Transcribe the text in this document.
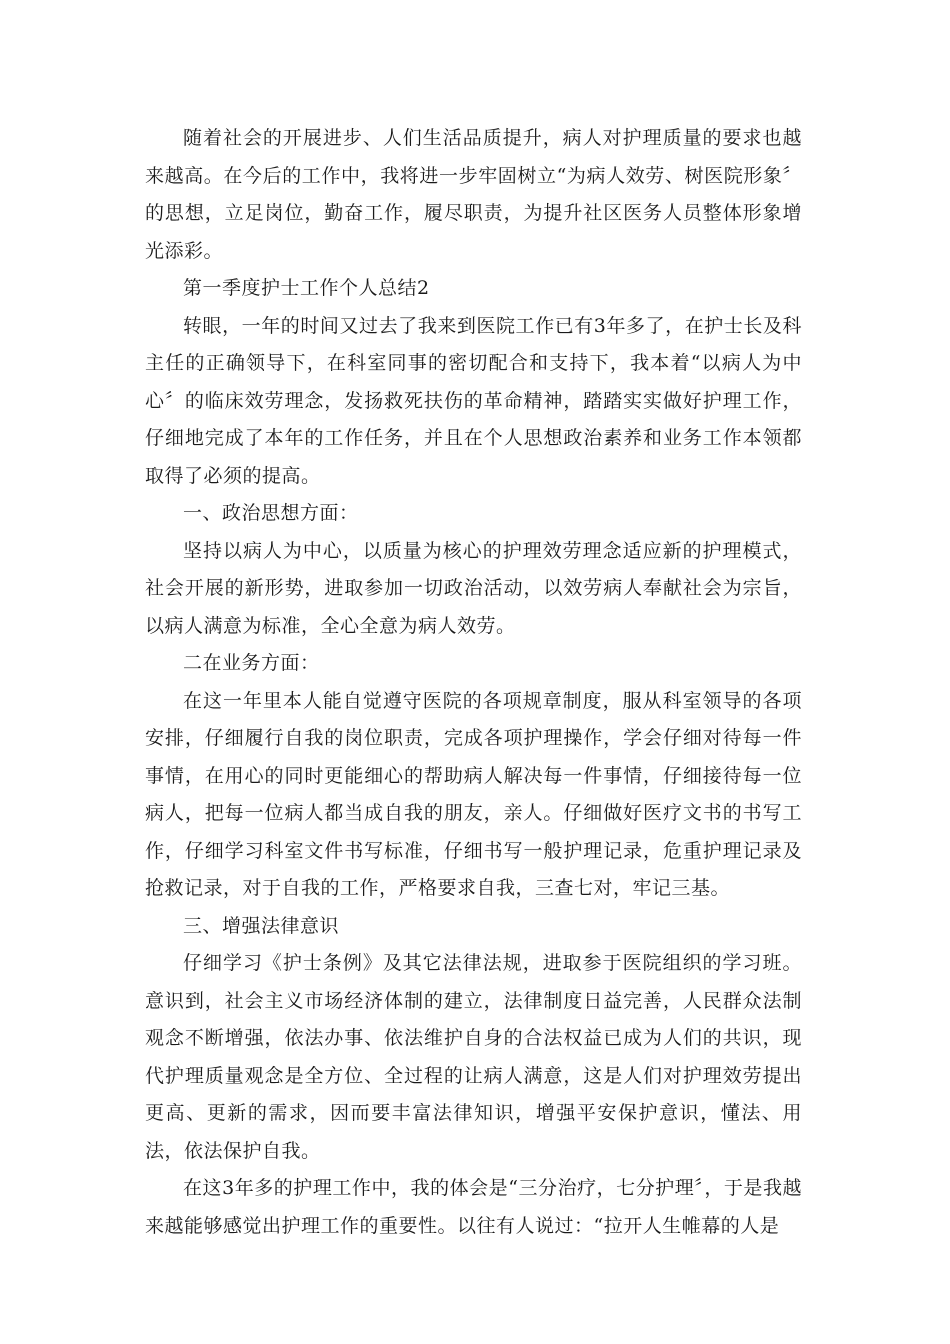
随着社会的开展进步、人们生活品质提升，病人对护理质量的要求也越来越高。在今后的工作中，我将进一步牢固树立“为病人效劳、树医院形象〞的思想，立足岗位，勤奋工作，履尽职责，为提升社区医务人员整体形象增光添彩。

第一季度护士工作个人总结2

转眼，一年的时间又过去了我来到医院工作已有3年多了，在护士长及科主任的正确领导下，在科室同事的密切配合和支持下，我本着“以病人为中心〞的临床效劳理念，发扬救死扶伤的革命精神，踏踏实实做好护理工作，仔细地完成了本年的工作任务，并且在个人思想政治素养和业务工作本领都取得了必须的提高。

一、政治思想方面：

坚持以病人为中心，以质量为核心的护理效劳理念适应新的护理模式，社会开展的新形势，进取参加一切政治活动，以效劳病人奉献社会为宗旨，以病人满意为标准，全心全意为病人效劳。

二在业务方面：

在这一年里本人能自觉遵守医院的各项规章制度，服从科室领导的各项安排，仔细履行自我的岗位职责，完成各项护理操作，学会仔细对待每一件事情，在用心的同时更能细心的帮助病人解决每一件事情，仔细接待每一位病人，把每一位病人都当成自我的朋友，亲人。仔细做好医疗文书的书写工作，仔细学习科室文件书写标准，仔细书写一般护理记录，危重护理记录及抢救记录，对于自我的工作，严格要求自我，三查七对，牢记三基。

三、增强法律意识

仔细学习《护士条例》及其它法律法规，进取参于医院组织的学习班。意识到，社会主义市场经济体制的建立，法律制度日益完善，人民群众法制观念不断增强，依法办事、依法维护自身的合法权益已成为人们的共识，现代护理质量观念是全方位、全过程的让病人满意，这是人们对护理效劳提出更高、更新的需求，因而要丰富法律知识，增强平安保护意识，懂法、用法，依法保护自我。

在这3年多的护理工作中，我的体会是“三分治疗，七分护理〞，于是我越来越能够感觉出护理工作的重要性。以往有人说过：“拉开人生帷幕的人是
